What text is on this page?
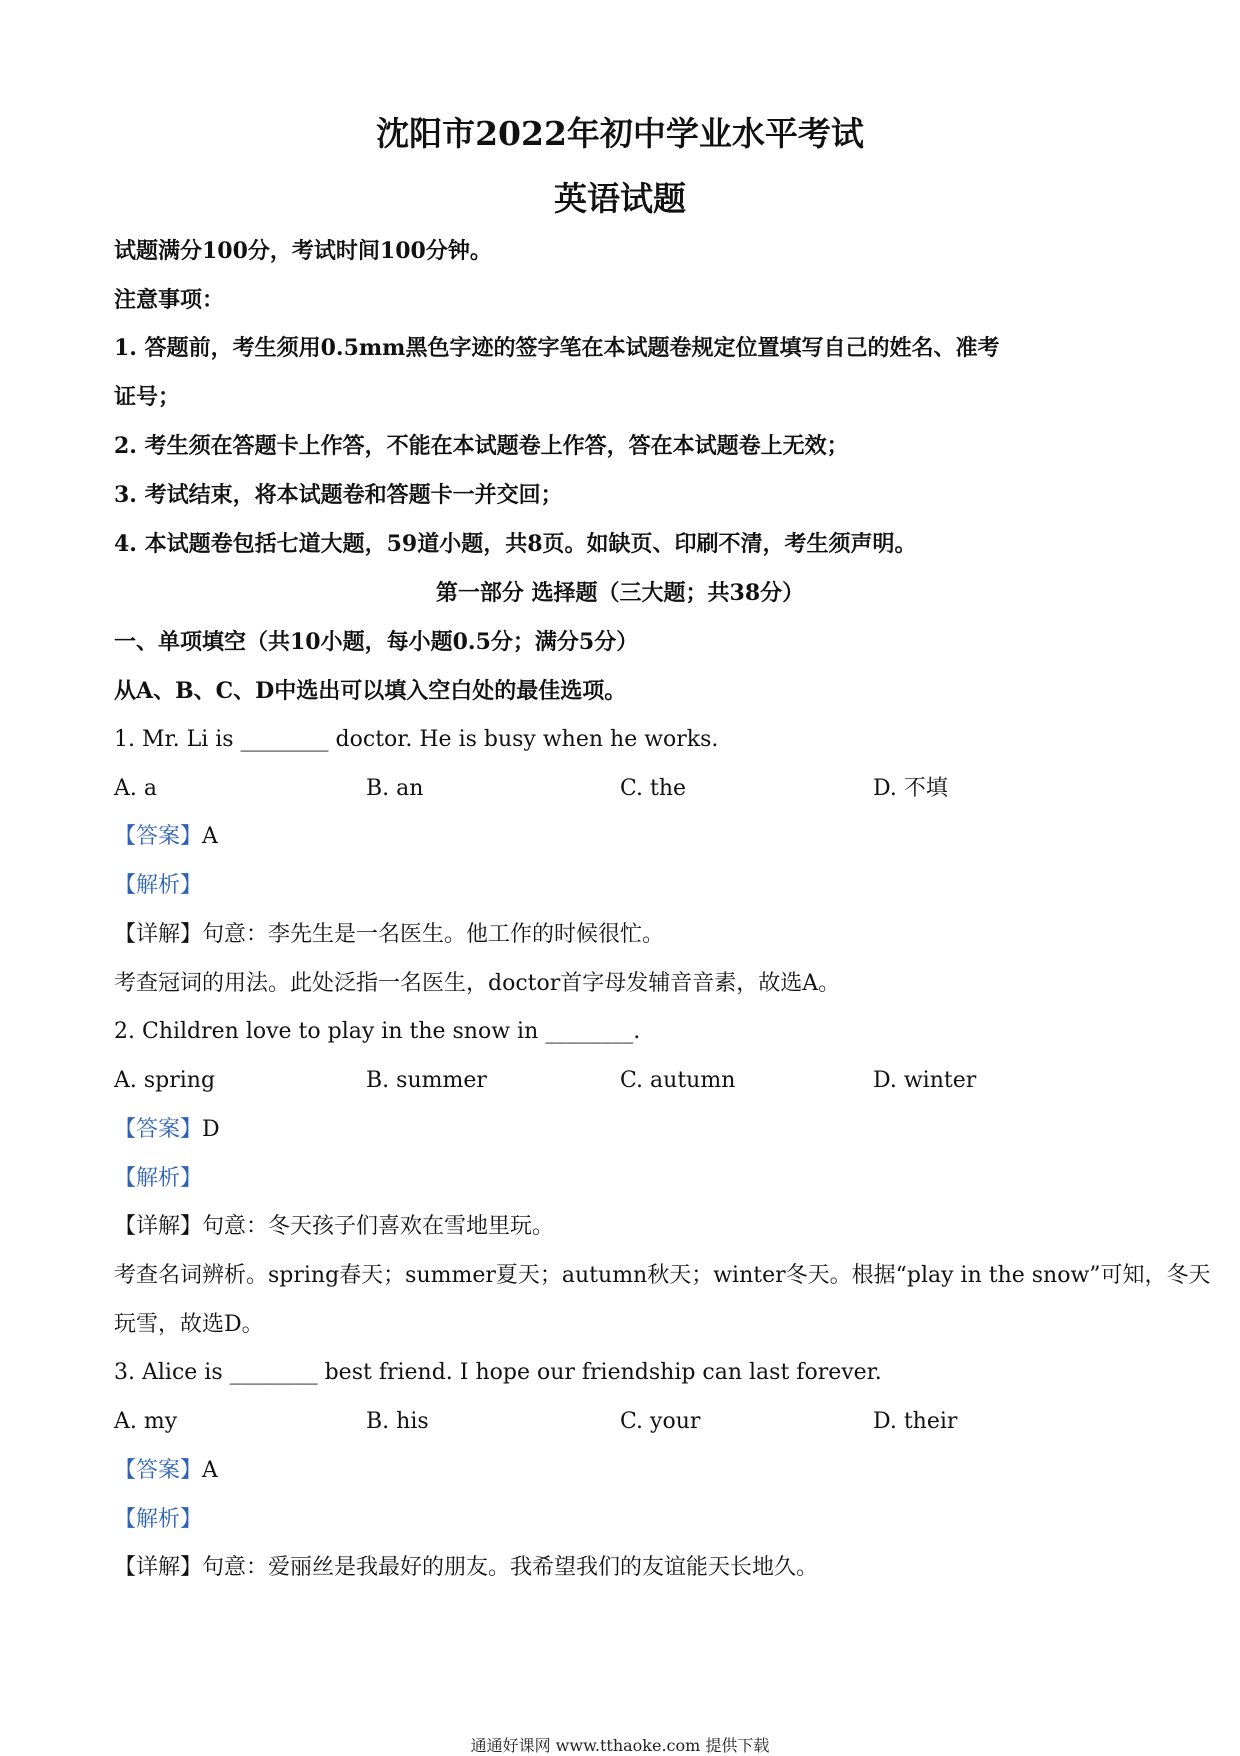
沈阳市2022年初中学业水平考试
英语试题
试题满分100分，考试时间100分钟。
注意事项：
1. 答题前，考生须用0.5mm黑色字迹的签字笔在本试题卷规定位置填写自己的姓名、准考
证号；
2. 考生须在答题卡上作答，不能在本试题卷上作答，答在本试题卷上无效；
3. 考试结束，将本试题卷和答题卡一并交回；
4. 本试题卷包括七道大题，59道小题，共8页。如缺页、印刷不清，考生须声明。
第一部分 选择题（三大题；共38分）
一、单项填空（共10小题，每小题0.5分；满分5分）
从A、B、C、D中选出可以填入空白处的最佳选项。
1. Mr. Li is ________ doctor. He is busy when he works.
A. a	B. an	C. the	D. 不填
【答案】A
【解析】
【详解】句意：李先生是一名医生。他工作的时候很忙。
考查冠词的用法。此处泛指一名医生，doctor首字母发辅音音素，故选A。
2. Children love to play in the snow in ________.
A. spring	B. summer	C. autumn	D. winter
【答案】D
【解析】
【详解】句意：冬天孩子们喜欢在雪地里玩。
考查名词辨析。spring春天；summer夏天；autumn秋天；winter冬天。根据“play in the snow”可知，冬天
玩雪，故选D。
3. Alice is ________ best friend. I hope our friendship can last forever.
A. my	B. his	C. your	D. their
【答案】A
【解析】
【详解】句意：爱丽丝是我最好的朋友。我希望我们的友谊能天长地久。
通通好课网 www.tthaoke.com 提供下载
